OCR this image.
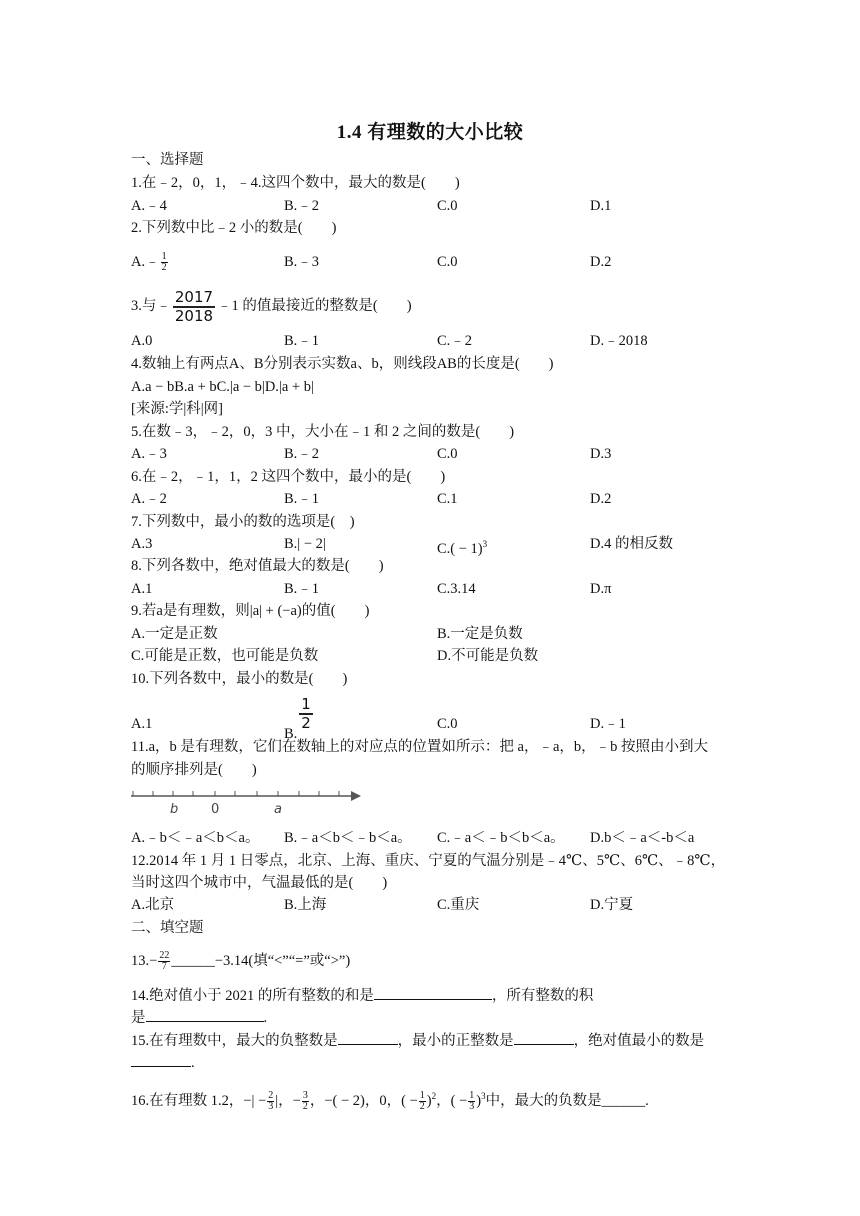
1.4 有理数的大小比较
一、选择题
1.在﹣2，0，1，﹣4.这四个数中，最大的数是(　　)
A.﹣4	B.﹣2	C.0	D.1
2.下列数中比﹣2 小的数是(　　)
A.﹣ $\frac{1}{2}$	B.﹣3	C.0	D.2
3.与﹣ $\frac{2017}{2018}$ ﹣1 的值最接近的整数是(　　)
A.0	B.﹣1	C.﹣2	D.﹣2018
4.数轴上有两点A、B分别表示实数a、b，则线段AB的长度是(　　)
A.a − bB.a + bC.|a − b|D.|a + b|
[来源:学|科|网]
5.在数﹣3，﹣2，0，3 中，大小在﹣1 和 2 之间的数是(　　)
A.﹣3	B.﹣2	C.0	D.3
6.在﹣2，﹣1，1，2 这四个数中，最小的是(　　)
A.﹣2	B.﹣1	C.1	D.2
7.下列数中，最小的数的选项是(　)
A.3	B.| − 2|	$C.( - 1)^3$	D.4 的相反数
8.下列各数中，绝对值最大的数是(　　)
A.1	B.﹣1	C.3.14	D.π
9.若a是有理数，则|a| + (−a)的值(　　)
A.一定是正数	B.一定是负数
C.可能是正数，也可能是负数	D.不可能是负数
10.下列各数中，最小的数是(　　)
A.1
B.
$\frac{1}{2}$	C.0	D.﹣1
11.a，b 是有理数，它们在数轴上的对应点的位置如所示：把 a，﹣a，b，﹣b 按照由小到大
的顺序排列是(　　)
b	0	a
A.﹣b＜﹣a＜b＜a。 B.﹣a＜b＜﹣b＜a。 C.﹣a＜﹣b＜b＜a。 D.b＜﹣a＜-b＜a
12.2014 年 1 月 1 日零点，北京、上海、重庆、宁夏的气温分别是﹣4℃、5℃、6℃、﹣8℃，
当时这四个城市中，气温最低的是(　　)
A.北京	B.上海	C.重庆	D.宁夏
二、填空题
$13.- \frac{22}{7}$ ______−3.14(填“<”“=”或“>”)
14.绝对值小于 2021 的所有整数的和是	，所有整数的积
是	.
15.在有理数中，最大的负整数是	，最小的正整数是	，绝对值最小的数是
.
16.在有理数 1.2，−| − $\frac{2}{3}$ |，− $\frac{3}{2}$ ，−( − 2)，0，( − $\frac{1}{2} )^2$，( − $\frac{1}{3} )^3$中，最大的负数是______.
